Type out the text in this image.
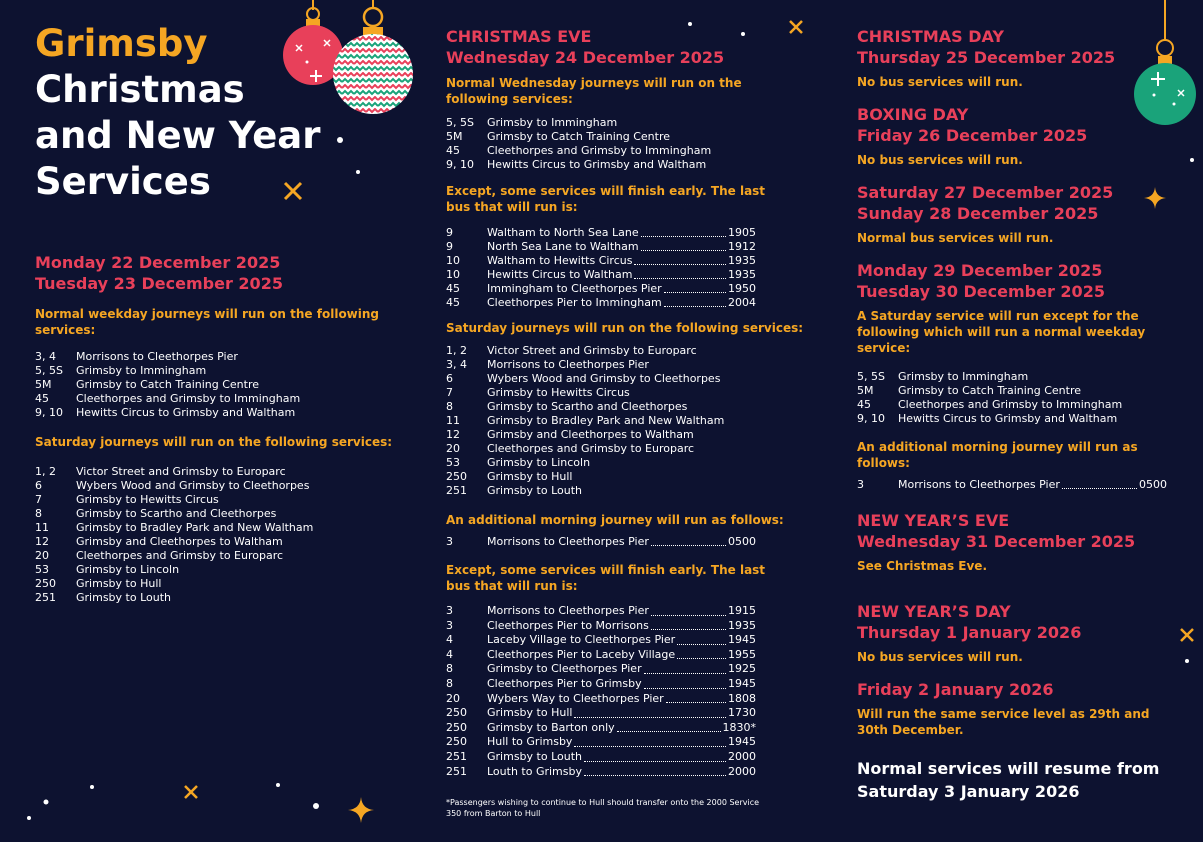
Grimsby
Christmas
and New Year
Services
Monday 22 December 2025
Tuesday 23 December 2025
Normal weekday journeys will run on the following services:
3, 4	Morrisons to Cleethorpes Pier
5, 5S	Grimsby to Immingham
5M	Grimsby to Catch Training Centre
45	Cleethorpes and Grimsby to Immingham
9, 10	Hewitts Circus to Grimsby and Waltham
Saturday journeys will run on the following services:
1, 2	Victor Street and Grimsby to Europarc
6	Wybers Wood and Grimsby to Cleethorpes
7	Grimsby to Hewitts Circus
8	Grimsby to Scartho and Cleethorpes
11	Grimsby to Bradley Park and New Waltham
12	Grimsby and Cleethorpes to Waltham
20	Cleethorpes and Grimsby to Europarc
53	Grimsby to Lincoln
250	Grimsby to Hull
251	Grimsby to Louth
CHRISTMAS EVE
Wednesday 24 December 2025
Normal Wednesday journeys will run on the following services:
5, 5S	Grimsby to Immingham
5M	Grimsby to Catch Training Centre
45	Cleethorpes and Grimsby to Immingham
9, 10	Hewitts Circus to Grimsby and Waltham
Except, some services will finish early. The last bus that will run is:
9	Waltham to North Sea Lane	1905
9	North Sea Lane to Waltham	1912
10	Waltham to Hewitts Circus	1935
10	Hewitts Circus to Waltham	1935
45	Immingham to Cleethorpes Pier	1950
45	Cleethorpes Pier to Immingham	2004
Saturday journeys will run on the following services:
1, 2	Victor Street and Grimsby to Europarc
3, 4	Morrisons to Cleethorpes Pier
6	Wybers Wood and Grimsby to Cleethorpes
7	Grimsby to Hewitts Circus
8	Grimsby to Scartho and Cleethorpes
11	Grimsby to Bradley Park and New Waltham
12	Grimsby and Cleethorpes to Waltham
20	Cleethorpes and Grimsby to Europarc
53	Grimsby to Lincoln
250	Grimsby to Hull
251	Grimsby to Louth
An additional morning journey will run as follows:
3	Morrisons to Cleethorpes Pier	0500
Except, some services will finish early. The last bus that will run is:
3	Morrisons to Cleethorpes Pier	1915
3	Cleethorpes Pier to Morrisons	1935
4	Laceby Village to Cleethorpes Pier	1945
4	Cleethorpes Pier to Laceby Village	1955
8	Grimsby to Cleethorpes Pier	1925
8	Cleethorpes Pier to Grimsby	1945
20	Wybers Way to Cleethorpes Pier	1808
250	Grimsby to Hull	1730
250	Grimsby to Barton only	1830*
250	Hull to Grimsby	1945
251	Grimsby to Louth	2000
251	Louth to Grimsby	2000
*Passengers wishing to continue to Hull should transfer onto the 2000 Service 350 from Barton to Hull
CHRISTMAS DAY
Thursday 25 December 2025
No bus services will run.
BOXING DAY
Friday 26 December 2025
No bus services will run.
Saturday 27 December 2025
Sunday 28 December 2025
Normal bus services will run.
Monday 29 December 2025
Tuesday 30 December 2025
A Saturday service will run except for the following which will run a normal weekday service:
5, 5S	Grimsby to Immingham
5M	Grimsby to Catch Training Centre
45	Cleethorpes and Grimsby to Immingham
9, 10	Hewitts Circus to Grimsby and Waltham
An additional morning journey will run as follows:
3	Morrisons to Cleethorpes Pier	0500
NEW YEAR’S EVE
Wednesday 31 December 2025
See Christmas Eve.
NEW YEAR’S DAY
Thursday 1 January 2026
No bus services will run.
Friday 2 January 2026
Will run the same service level as 29th and 30th December.
Normal services will resume from
Saturday 3 January 2026
